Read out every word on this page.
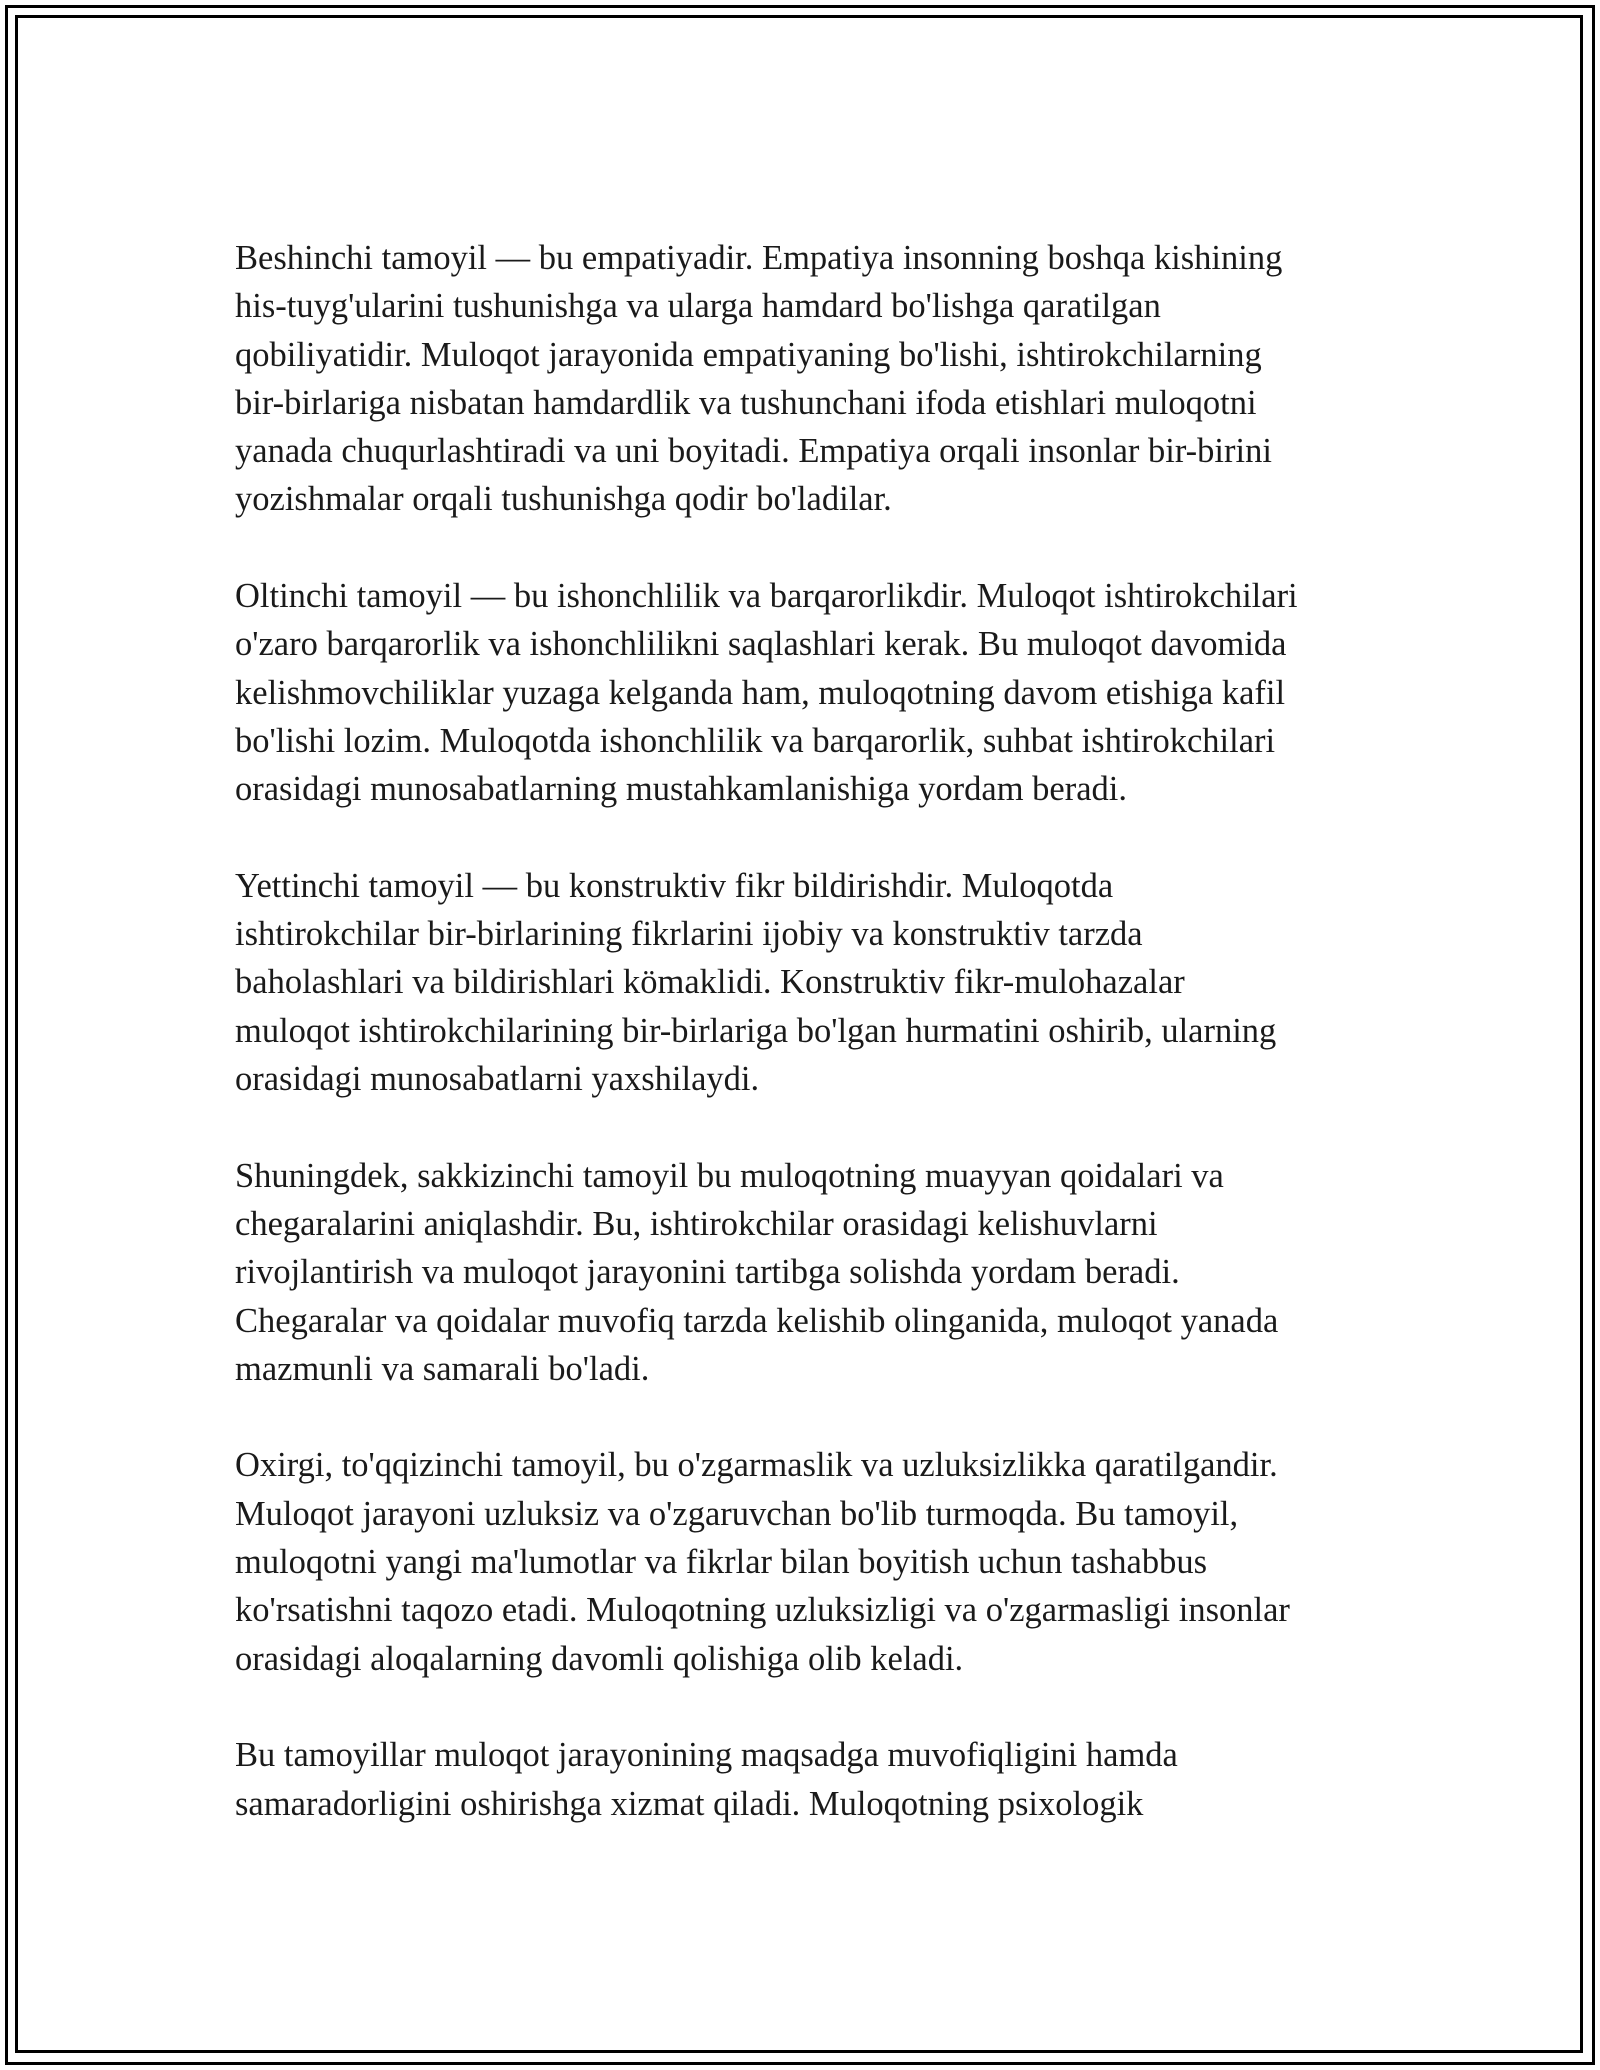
Beshinchi tamoyil — bu empatiyadir. Empatiya insonning boshqa kishining
his-tuyg'ularini tushunishga va ularga hamdard bo'lishga qaratilgan
qobiliyatidir. Muloqot jarayonida empatiyaning bo'lishi, ishtirokchilarning
bir-birlariga nisbatan hamdardlik va tushunchani ifoda etishlari muloqotni
yanada chuqurlashtiradi va uni boyitadi. Empatiya orqali insonlar bir-birini
yozishmalar orqali tushunishga qodir bo'ladilar.

Oltinchi tamoyil — bu ishonchlilik va barqarorlikdir. Muloqot ishtirokchilari
o'zaro barqarorlik va ishonchlilikni saqlashlari kerak. Bu muloqot davomida
kelishmovchiliklar yuzaga kelganda ham, muloqotning davom etishiga kafil
bo'lishi lozim. Muloqotda ishonchlilik va barqarorlik, suhbat ishtirokchilari
orasidagi munosabatlarning mustahkamlanishiga yordam beradi.

Yettinchi tamoyil — bu konstruktiv fikr bildirishdir. Muloqotda
ishtirokchilar bir-birlarining fikrlarini ijobiy va konstruktiv tarzda
baholashlari va bildirishlari kömaklidi. Konstruktiv fikr-mulohazalar
muloqot ishtirokchilarining bir-birlariga bo'lgan hurmatini oshirib, ularning
orasidagi munosabatlarni yaxshilaydi.

Shuningdek, sakkizinchi tamoyil bu muloqotning muayyan qoidalari va
chegaralarini aniqlashdir. Bu, ishtirokchilar orasidagi kelishuvlarni
rivojlantirish va muloqot jarayonini tartibga solishda yordam beradi.
Chegaralar va qoidalar muvofiq tarzda kelishib olinganida, muloqot yanada
mazmunli va samarali bo'ladi.

Oxirgi, to'qqizinchi tamoyil, bu o'zgarmaslik va uzluksizlikka qaratilgandir.
Muloqot jarayoni uzluksiz va o'zgaruvchan bo'lib turmoqda. Bu tamoyil,
muloqotni yangi ma'lumotlar va fikrlar bilan boyitish uchun tashabbus
ko'rsatishni taqozo etadi. Muloqotning uzluksizligi va o'zgarmasligi insonlar
orasidagi aloqalarning davomli qolishiga olib keladi.

Bu tamoyillar muloqot jarayonining maqsadga muvofiqligini hamda
samaradorligini oshirishga xizmat qiladi. Muloqotning psixologik
